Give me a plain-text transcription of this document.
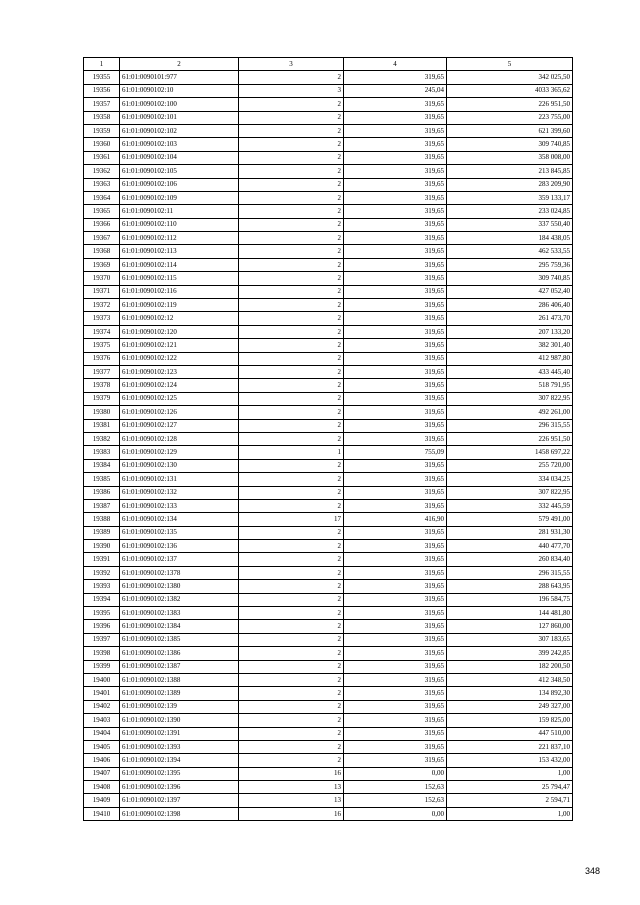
1	2	3	4	5
19355	61:01:0090101:977	2	319,65	342 025,50
19356	61:01:0090102:10	3	245,04	4033 365,62
19357	61:01:0090102:100	2	319,65	226 951,50
19358	61:01:0090102:101	2	319,65	223 755,00
19359	61:01:0090102:102	2	319,65	621 399,60
19360	61:01:0090102:103	2	319,65	309 740,85
19361	61:01:0090102:104	2	319,65	358 008,00
19362	61:01:0090102:105	2	319,65	213 845,85
19363	61:01:0090102:106	2	319,65	283 209,90
19364	61:01:0090102:109	2	319,65	359 133,17
19365	61:01:0090102:11	2	319,65	233 024,85
19366	61:01:0090102:110	2	319,65	337 550,40
19367	61:01:0090102:112	2	319,65	184 438,05
19368	61:01:0090102:113	2	319,65	462 533,55
19369	61:01:0090102:114	2	319,65	295 759,36
19370	61:01:0090102:115	2	319,65	309 740,85
19371	61:01:0090102:116	2	319,65	427 052,40
19372	61:01:0090102:119	2	319,65	286 406,40
19373	61:01:0090102:12	2	319,65	261 473,70
19374	61:01:0090102:120	2	319,65	207 133,20
19375	61:01:0090102:121	2	319,65	382 301,40
19376	61:01:0090102:122	2	319,65	412 987,80
19377	61:01:0090102:123	2	319,65	433 445,40
19378	61:01:0090102:124	2	319,65	518 791,95
19379	61:01:0090102:125	2	319,65	307 822,95
19380	61:01:0090102:126	2	319,65	492 261,00
19381	61:01:0090102:127	2	319,65	296 315,55
19382	61:01:0090102:128	2	319,65	226 951,50
19383	61:01:0090102:129	1	755,09	1458 697,22
19384	61:01:0090102:130	2	319,65	255 720,00
19385	61:01:0090102:131	2	319,65	334 034,25
19386	61:01:0090102:132	2	319,65	307 822,95
19387	61:01:0090102:133	2	319,65	332 445,59
19388	61:01:0090102:134	17	416,90	579 491,00
19389	61:01:0090102:135	2	319,65	281 931,30
19390	61:01:0090102:136	2	319,65	440 477,70
19391	61:01:0090102:137	2	319,65	260 834,40
19392	61:01:0090102:1378	2	319,65	296 315,55
19393	61:01:0090102:1380	2	319,65	288 643,95
19394	61:01:0090102:1382	2	319,65	196 584,75
19395	61:01:0090102:1383	2	319,65	144 481,80
19396	61:01:0090102:1384	2	319,65	127 860,00
19397	61:01:0090102:1385	2	319,65	307 183,65
19398	61:01:0090102:1386	2	319,65	399 242,85
19399	61:01:0090102:1387	2	319,65	182 200,50
19400	61:01:0090102:1388	2	319,65	412 348,50
19401	61:01:0090102:1389	2	319,65	134 892,30
19402	61:01:0090102:139	2	319,65	249 327,00
19403	61:01:0090102:1390	2	319,65	159 825,00
19404	61:01:0090102:1391	2	319,65	447 510,00
19405	61:01:0090102:1393	2	319,65	221 837,10
19406	61:01:0090102:1394	2	319,65	153 432,00
19407	61:01:0090102:1395	16	0,00	1,00
19408	61:01:0090102:1396	13	152,63	25 794,47
19409	61:01:0090102:1397	13	152,63	2 594,71
19410	61:01:0090102:1398	16	0,00	1,00
348
